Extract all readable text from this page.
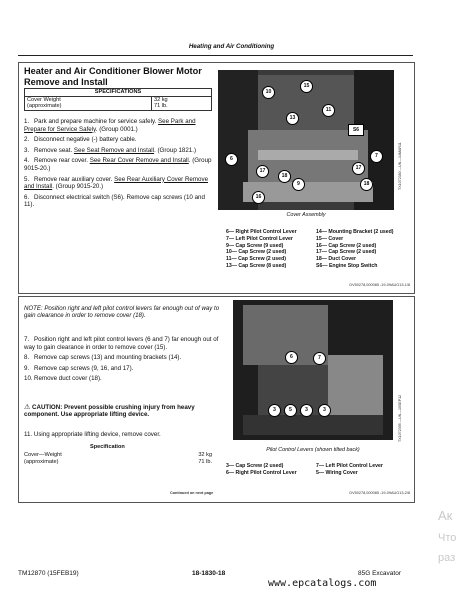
Heating and Air Conditioning
Heater and Air Conditioner Blower Motor Remove and Install
SPECIFICATIONS
Cover Weight
(approximate)	32 kg
71 lb.
1. Park and prepare machine for service safely. See Park and Prepare for Service Safely. (Group 0001.)
2. Disconnect negative (-) battery cable.
3. Remove seat. See Seat Remove and Install. (Group 1821.)
4. Remove rear cover. See Rear Cover Remove and Install. (Group 9015-20.)
5. Remove rear auxiliary cover. See Rear Auxiliary Cover Remove and Install. (Group 9015-20.)
6. Disconnect electrical switch (S6). Remove cap screws (10 and 11).
10
15
11
13
S6
6	7
17
18
9
16
17
18	TX1072380 —UN—14MAR11
Cover Assembly
6— Right Pilot Control Lever
7— Left Pilot Control Lever
9— Cap Screw (9 used)
10— Cap Screw (2 used)
11— Cap Screw (2 used)
13— Cap Screw (8 used)
14— Mounting Bracket (2 used)
15— Cover
16— Cap Screw (2 used)
17— Cap Screw (2 used)
18— Duct Cover
S6— Engine Stop Switch
DV50278,000085 -19-09AUG13-1/8
NOTE: Position right and left pilot control levers far enough out of way to gain clearance in order to remove cover (18).
7. Position right and left pilot control levers (6 and 7) far enough out of way to gain clearance in order to remove cover (15).
8. Remove cap screws (13) and mounting brackets (14).
9. Remove cap screws (9, 16, and 17).
10.Remove duct cover (18).
⚠ CAUTION: Prevent possible crushing injury from heavy component. Use appropriate lifting device.
11. Using appropriate lifting device, remove cover.
Specification
Cover—Weight	32 kg
(approximate)	71 lb.
6	7
3	5	3	3	TX1072395 —UN—10SEP12
Pilot Control Levers (shown tilted back)
3— Cap Screw (2 used)
6— Right Pilot Control Lever
7— Left Pilot Control Lever
5— Wiring Cover
Continued on next page	DV50278,000085 -19-09AUG13-2/8
TM12870 (15FEB19)	18-1830-18	85G Excavator
www.epcatalogs.com
Ак
Что
раз
